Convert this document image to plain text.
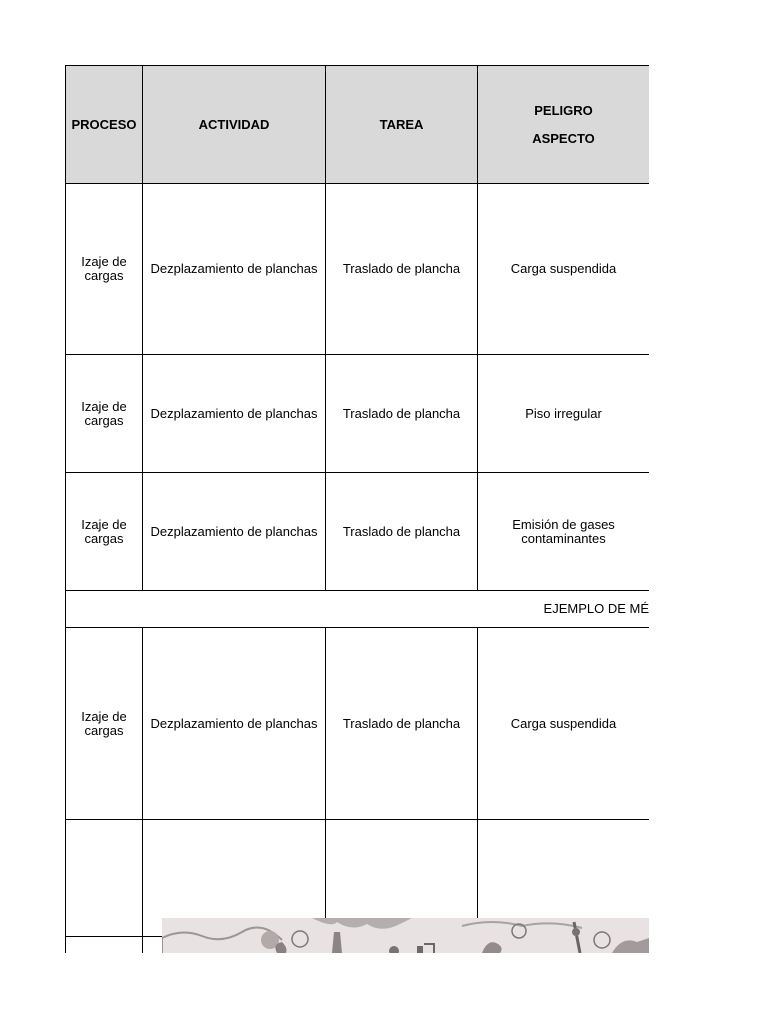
PROCESO	ACTIVIDAD	TAREA	PELIGRO
ASPECTO

Izaje de cargas	Dezplazamiento de planchas	Traslado de plancha	Carga suspendida
Izaje de cargas	Dezplazamiento de planchas	Traslado de plancha	Piso irregular
Izaje de cargas	Dezplazamiento de planchas	Traslado de plancha	Emisión de gases contaminantes
EJEMPLO DE MÉ			
Izaje de cargas	Dezplazamiento de planchas	Traslado de plancha	Carga suspendida
